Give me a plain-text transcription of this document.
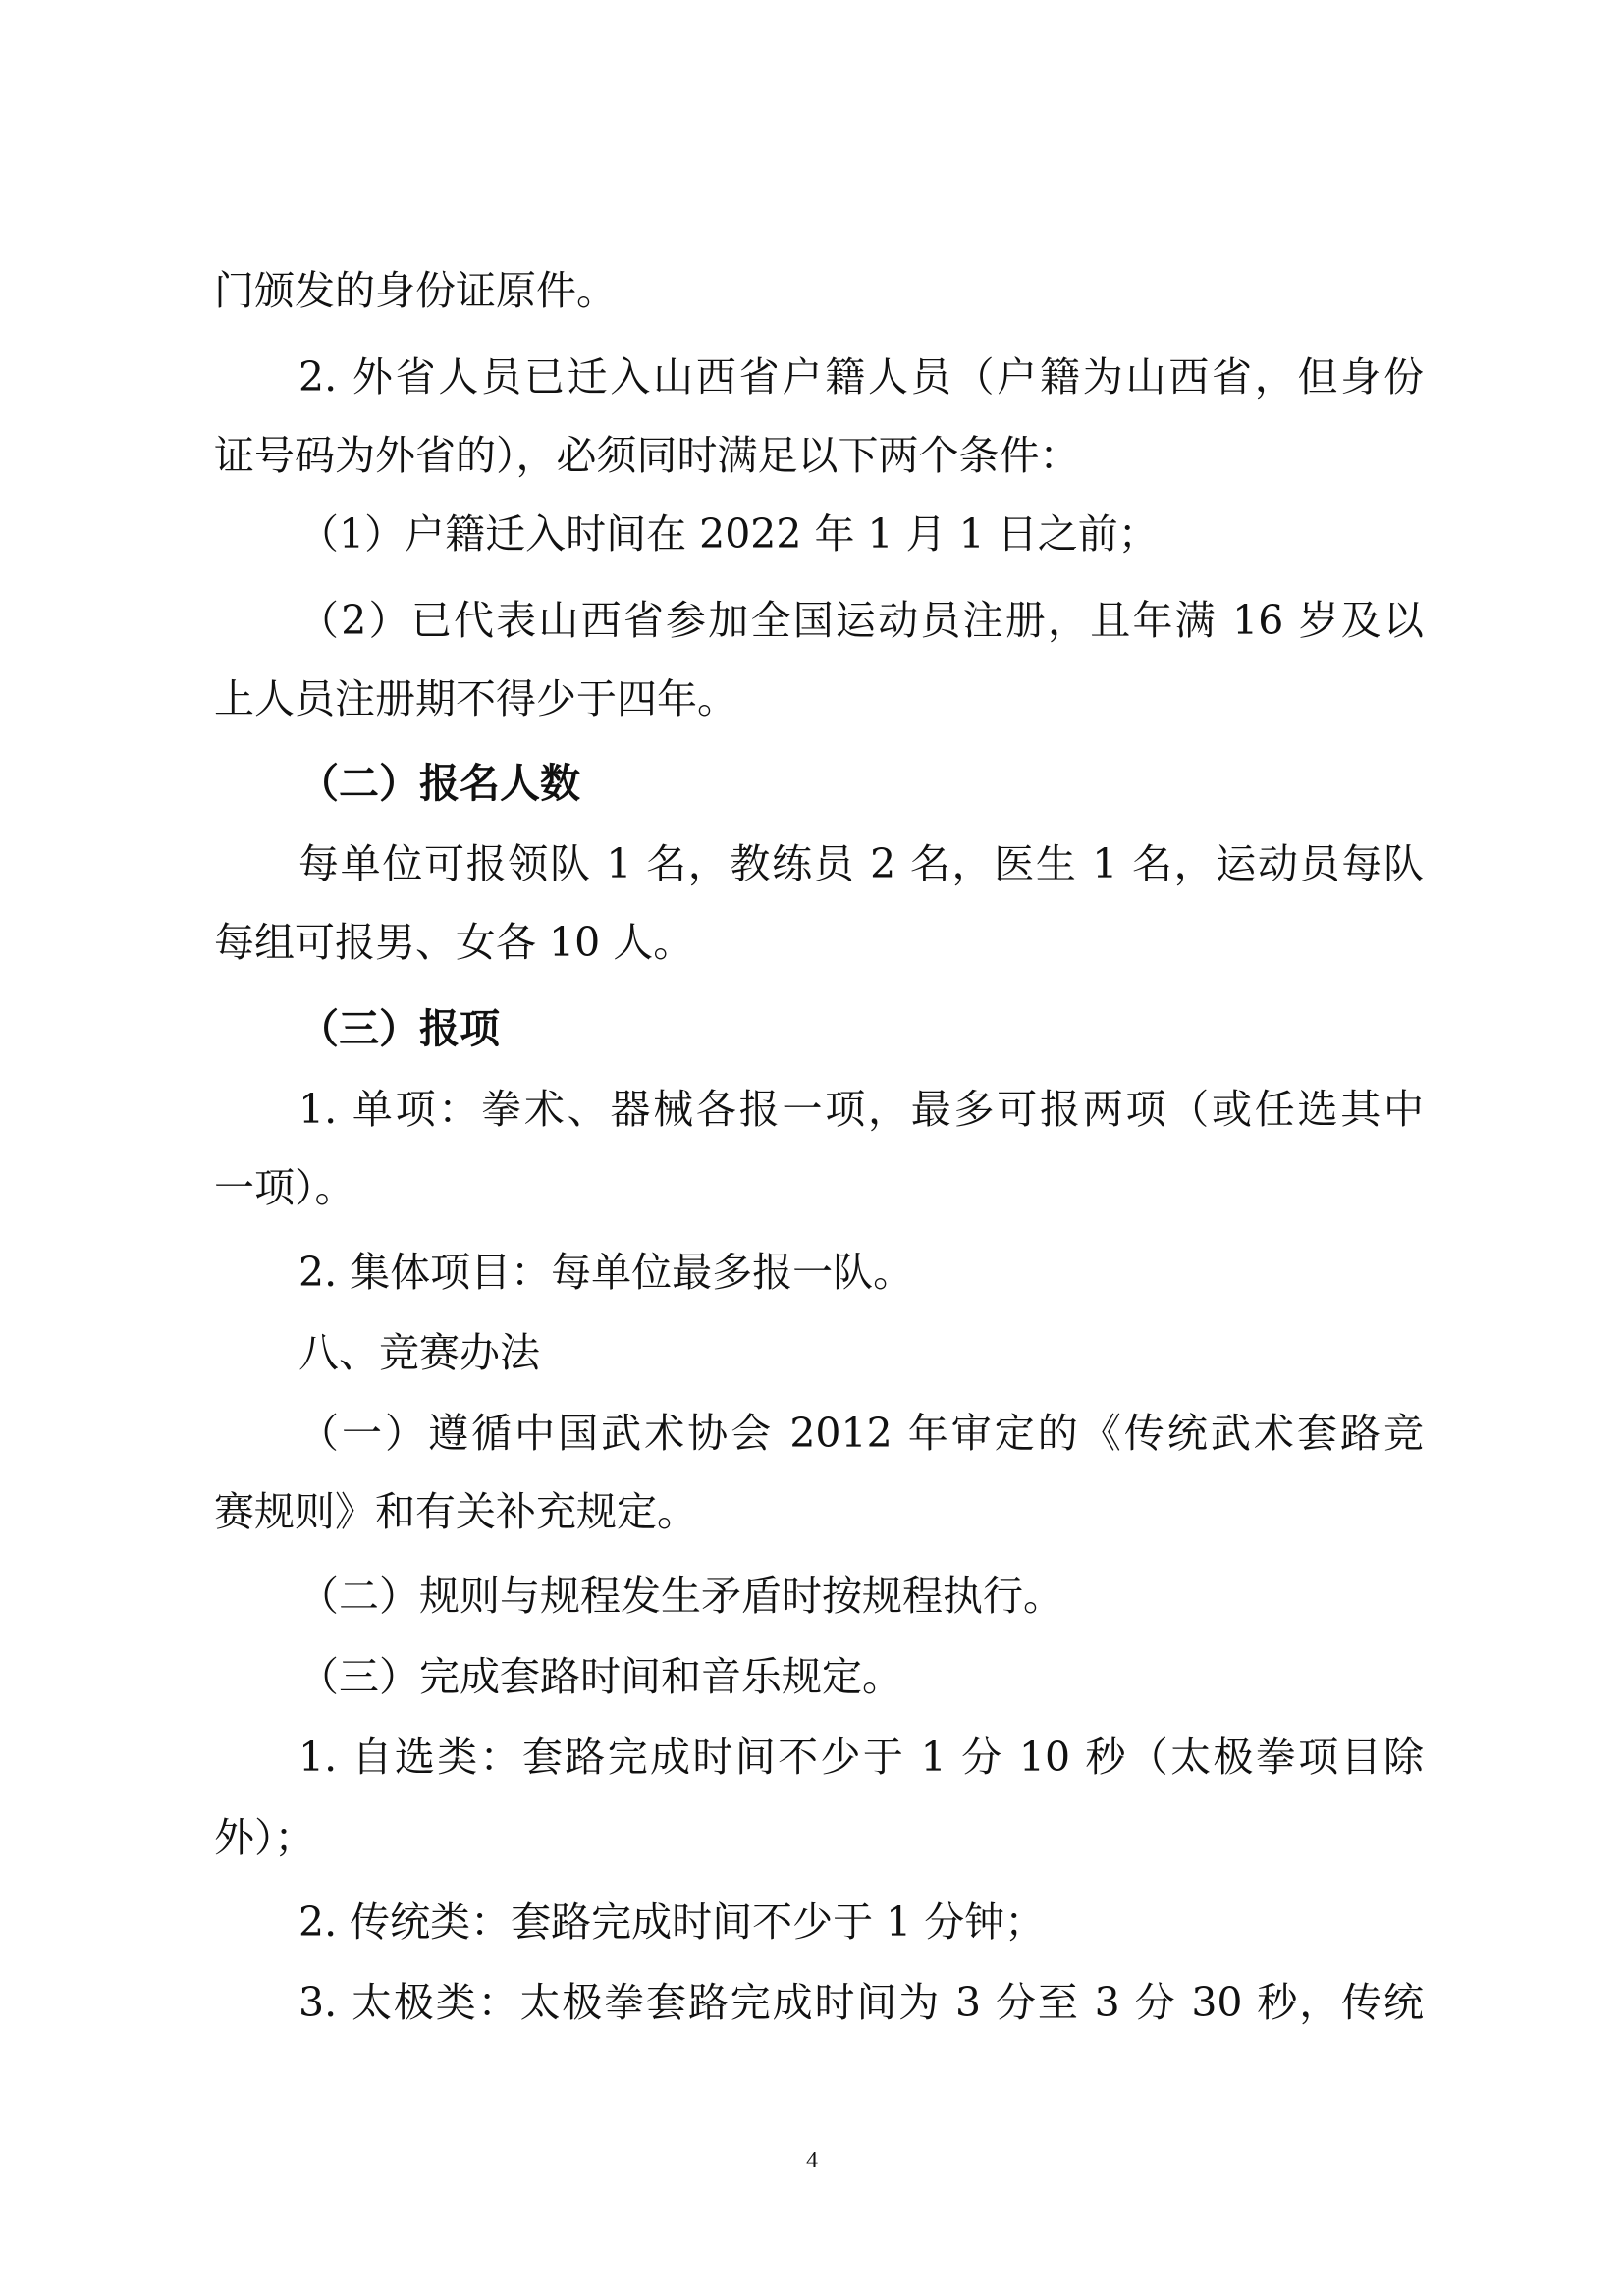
门颁发的身份证原件。
2. 外省人员已迁入山西省户籍人员（户籍为山西省，但身份
证号码为外省的），必须同时满足以下两个条件：
（1）户籍迁入时间在 2022 年 1 月 1 日之前；
（2）已代表山西省参加全国运动员注册，且年满 16 岁及以
上人员注册期不得少于四年。
（二）报名人数
每单位可报领队 1 名，教练员 2 名，医生 1 名，运动员每队
每组可报男、女各 10 人。
（三）报项
1. 单项：拳术、器械各报一项，最多可报两项（或任选其中
一项）。
2. 集体项目：每单位最多报一队。
八、竞赛办法
（一）遵循中国武术协会 2012 年审定的《传统武术套路竞
赛规则》和有关补充规定。
（二）规则与规程发生矛盾时按规程执行。
（三）完成套路时间和音乐规定。
1. 自选类：套路完成时间不少于 1 分 10 秒（太极拳项目除
外）；
2. 传统类：套路完成时间不少于 1 分钟；
3. 太极类：太极拳套路完成时间为 3 分至 3 分 30 秒，传统
4
